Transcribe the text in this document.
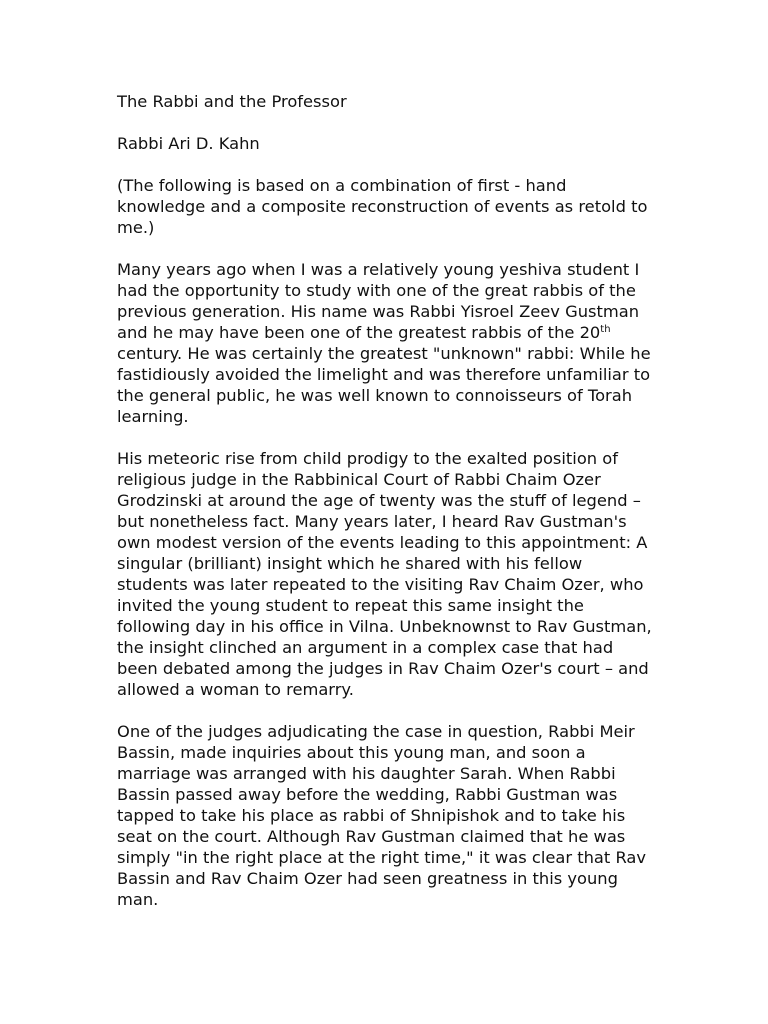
The Rabbi and the Professor

Rabbi Ari D. Kahn

(The following is based on a combination of first - hand knowledge and a composite reconstruction of events as retold to me.)

Many years ago when I was a relatively young yeshiva student I had the opportunity to study with one of the great rabbis of the previous generation. His name was Rabbi Yisroel Zeev Gustman and he may have been one of the greatest rabbis of the 20th century. He was certainly the greatest "unknown" rabbi: While he fastidiously avoided the limelight and was therefore unfamiliar to the general public, he was well known to connoisseurs of Torah learning.

His meteoric rise from child prodigy to the exalted position of religious judge in the Rabbinical Court of Rabbi Chaim Ozer Grodzinski at around the age of twenty was the stuff of legend – but nonetheless fact. Many years later, I heard Rav Gustman's own modest version of the events leading to this appointment: A singular (brilliant) insight which he shared with his fellow students was later repeated to the visiting Rav Chaim Ozer, who invited the young student to repeat this same insight the following day in his office in Vilna. Unbeknownst to Rav Gustman, the insight clinched an argument in a complex case that had been debated among the judges in Rav Chaim Ozer's court – and allowed a woman to remarry.

One of the judges adjudicating the case in question, Rabbi Meir Bassin, made inquiries about this young man, and soon a marriage was arranged with his daughter Sarah. When Rabbi Bassin passed away before the wedding, Rabbi Gustman was tapped to take his place as rabbi of Shnipishok and to take his seat on the court. Although Rav Gustman claimed that he was simply "in the right place at the right time," it was clear that Rav Bassin and Rav Chaim Ozer had seen greatness in this young man.
